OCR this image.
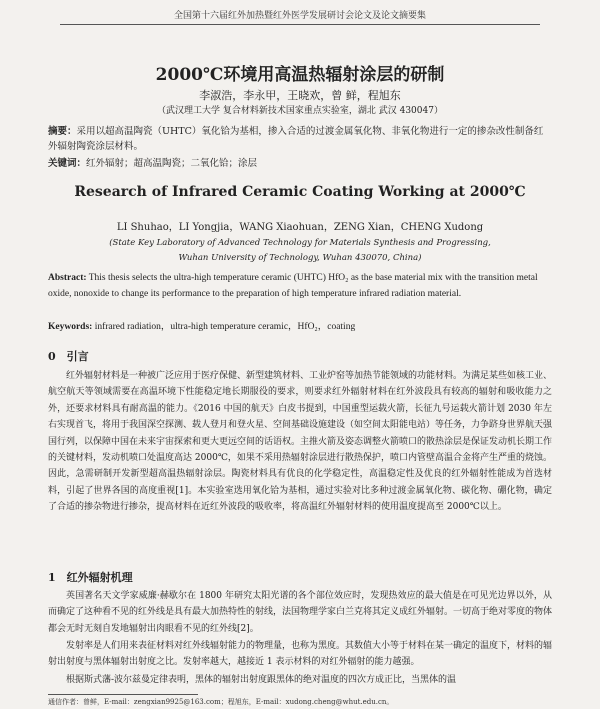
全国第十六届红外加热暨红外医学发展研讨会论文及论文摘要集
2000℃环境用高温热辐射涂层的研制
李淑浩，李永甲，王晓欢，曾 鲜，程旭东
（武汉理工大学 复合材料新技术国家重点实验室，湖北 武汉 430047）
摘要：采用以超高温陶瓷（UHTC）氧化铪为基相，掺入合适的过渡金属氧化物、非氧化物进行一定的掺杂改性制备红外辐射陶瓷涂层材料。
关键词：红外辐射；超高温陶瓷；二氧化铪；涂层
Research of Infrared Ceramic Coating Working at 2000℃
LI Shuhao，LI Yongjia，WANG Xiaohuan，ZENG Xian，CHENG Xudong
(State Key Laboratory of Advanced Technology for Materials Synthesis and Progressing,
Wuhan University of Technology, Wuhan 430070, China)
Abstract: This thesis selects the ultra-high temperature ceramic (UHTC) HfO₂ as the base material mix with the transition metal oxide, nonoxide to change its performance to the preparation of high temperature infrared radiation material.
Keywords: infrared radiation，ultra-high temperature ceramic，HfO₂，coating
0　引言
红外辐射材料是一种被广泛应用于医疗保健、新型建筑材料、工业炉窑等加热节能领域的功能材料。为满足某些如核工业、航空航天等领域需要在高温环境下性能稳定地长期服役的要求，则要求红外辐射材料在红外波段具有较高的辐射和吸收能力之外，还要求材料具有耐高温的能力。《2016 中国的航天》白皮书提到，中国重型运载火箭，长征九号运载火箭计划 2030 年左右实现首飞，将用于我国深空探测、载人登月和登火星、空间基础设施建设（如空间太阳能电站）等任务，力争跻身世界航天强国行列，以保障中国在未来宇宙探索和更大更远空间的话语权。主推火箭及姿态调整火箭喷口的散热涂层是保证发动机长期工作的关键材料，发动机喷口处温度高达 2000℃，如果不采用热辐射涂层进行散热保护，喷口内管壁高温合金将产生严重的烧蚀。因此，急需研制开发新型超高温热辐射涂层。陶瓷材料具有优良的化学稳定性，高温稳定性及优良的红外辐射性能成为首选材料，引起了世界各国的高度重视[1]。本实验室选用氧化铪为基相，通过实验对比多种过渡金属氧化物、碳化物、硼化物，确定了合适的掺杂物进行掺杂，提高材料在近红外波段的吸收率，将高温红外辐射材料的使用温度提高至 2000℃以上。
1　红外辐射机理
英国著名天文学家威廉·赫歇尔在 1800 年研究太阳光谱的各个部位效应时，发现热效应的最大值是在可见光边界以外，从而确定了这种看不见的红外线是具有最大加热特性的射线，法国物理学家白兰克将其定义成红外辐射。一切高于绝对零度的物体都会无时无刻自发地辐射出肉眼看不见的红外线[2]。
发射率是人们用来表征材料对红外线辐射能力的物理量，也称为黑度。其数值大小等于材料在某一确定的温度下，材料的辐射出射度与黑体辐射出射度之比。发射率越大，越接近 1 表示材料的对红外辐射的能力越强。
根据斯式藩-波尔兹曼定律表明，黑体的辐射出射度跟黑体的绝对温度的四次方成正比，当黑体的温
通信作者：曾鲜，E-mail：zengxian9925@163.com；程旭东，E-mail：xudong.cheng@whut.edu.cn。
